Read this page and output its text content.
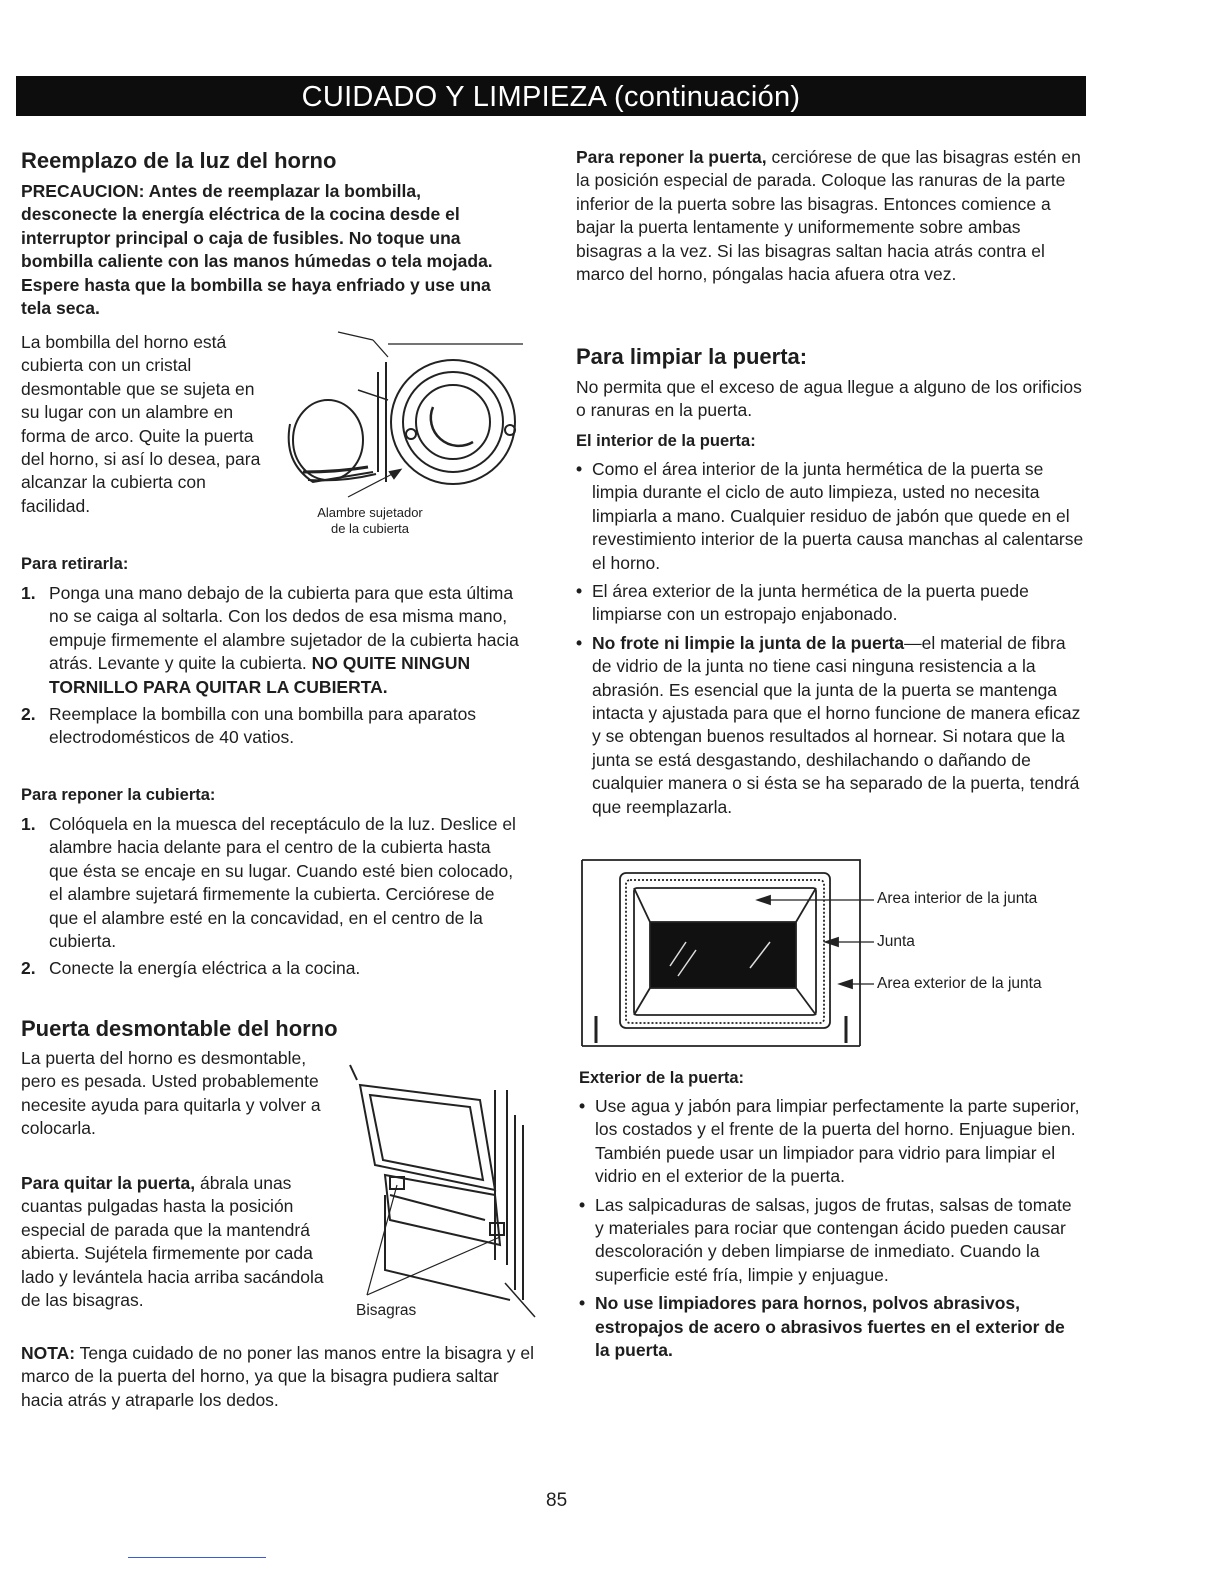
CUIDADO Y LIMPIEZA (continuación)
Reemplazo de la luz del horno
PRECAUCION: Antes de reemplazar la bombilla, desconecte la energía eléctrica de la cocina desde el interruptor principal o caja de fusibles. No toque una bombilla caliente con las manos húmedas o tela mojada. Espere hasta que la bombilla se haya enfriado y use una tela seca.
La bombilla del horno está cubierta con un cristal desmontable que se sujeta en su lugar con un alambre en forma de arco. Quite la puerta del horno, si así lo desea, para alcanzar la cubierta con facilidad.	Alambre sujetador
de la cubierta
Para retirarla:
1. Ponga una mano debajo de la cubierta para que esta última no se caiga al soltarla. Con los dedos de esa misma mano, empuje firmemente el alambre sujetador de la cubierta hacia atrás. Levante y quite la cubierta. NO QUITE NINGUN TORNILLO PARA QUITAR LA CUBIERTA.
2. Reemplace la bombilla con una bombilla para aparatos electrodomésticos de 40 vatios.
Para reponer la cubierta:
1. Colóquela en la muesca del receptáculo de la luz. Deslice el alambre hacia delante para el centro de la cubierta hasta que ésta se encaje en su lugar. Cuando esté bien colocado, el alambre sujetará firmemente la cubierta. Cerciórese de que el alambre esté en la concavidad, en el centro de la cubierta.
2. Conecte la energía eléctrica a la cocina.
Puerta desmontable del horno
La puerta del horno es desmontable, pero es pesada. Usted probablemente necesite ayuda para quitarla y volver a colocarla.
Para quitar la puerta, ábrala unas cuantas pulgadas hasta la posición especial de parada que la mantendrá abierta. Sujétela firmemente por cada lado y levántela hacia arriba sacándola de las bisagras.
Bisagras
NOTA: Tenga cuidado de no poner las manos entre la bisagra y el marco de la puerta del horno, ya que la bisagra pudiera saltar hacia atrás y atraparle los dedos.
Para reponer la puerta, cerciórese de que las bisagras estén en la posición especial de parada. Coloque las ranuras de la parte inferior de la puerta sobre las bisagras. Entonces comience a bajar la puerta lentamente y uniformemente sobre ambas bisagras a la vez. Si las bisagras saltan hacia atrás contra el marco del horno, póngalas hacia afuera otra vez.
Para limpiar la puerta:
No permita que el exceso de agua llegue a alguno de los orificios o ranuras en la puerta.
El interior de la puerta:
• Como el área interior de la junta hermética de la puerta se limpia durante el ciclo de auto limpieza, usted no necesita limpiarla a mano. Cualquier residuo de jabón que quede en el revestimiento interior de la puerta causa manchas al calentarse el horno.
• El área exterior de la junta hermética de la puerta puede limpiarse con un estropajo enjabonado.
• No frote ni limpie la junta de la puerta—el material de fibra de vidrio de la junta no tiene casi ninguna resistencia a la abrasión. Es esencial que la junta de la puerta se mantenga intacta y ajustada para que el horno funcione de manera eficaz y se obtengan buenos resultados al hornear. Si notara que la junta se está desgastando, deshilachando o dañando de cualquier manera o si ésta se ha separado de la puerta, tendrá que reemplazarla.
Area interior de la junta
Junta
Area exterior de la junta
Exterior de la puerta:
• Use agua y jabón para limpiar perfectamente la parte superior, los costados y el frente de la puerta del horno. Enjuague bien. También puede usar un limpiador para vidrio para limpiar el vidrio en el exterior de la puerta.
• Las salpicaduras de salsas, jugos de frutas, salsas de tomate y materiales para rociar que contengan ácido pueden causar descoloración y deben limpiarse de inmediato. Cuando la superficie esté fría, limpie y enjuague.
• No use limpiadores para hornos, polvos abrasivos, estropajos de acero o abrasivos fuertes en el exterior de la puerta.
85
